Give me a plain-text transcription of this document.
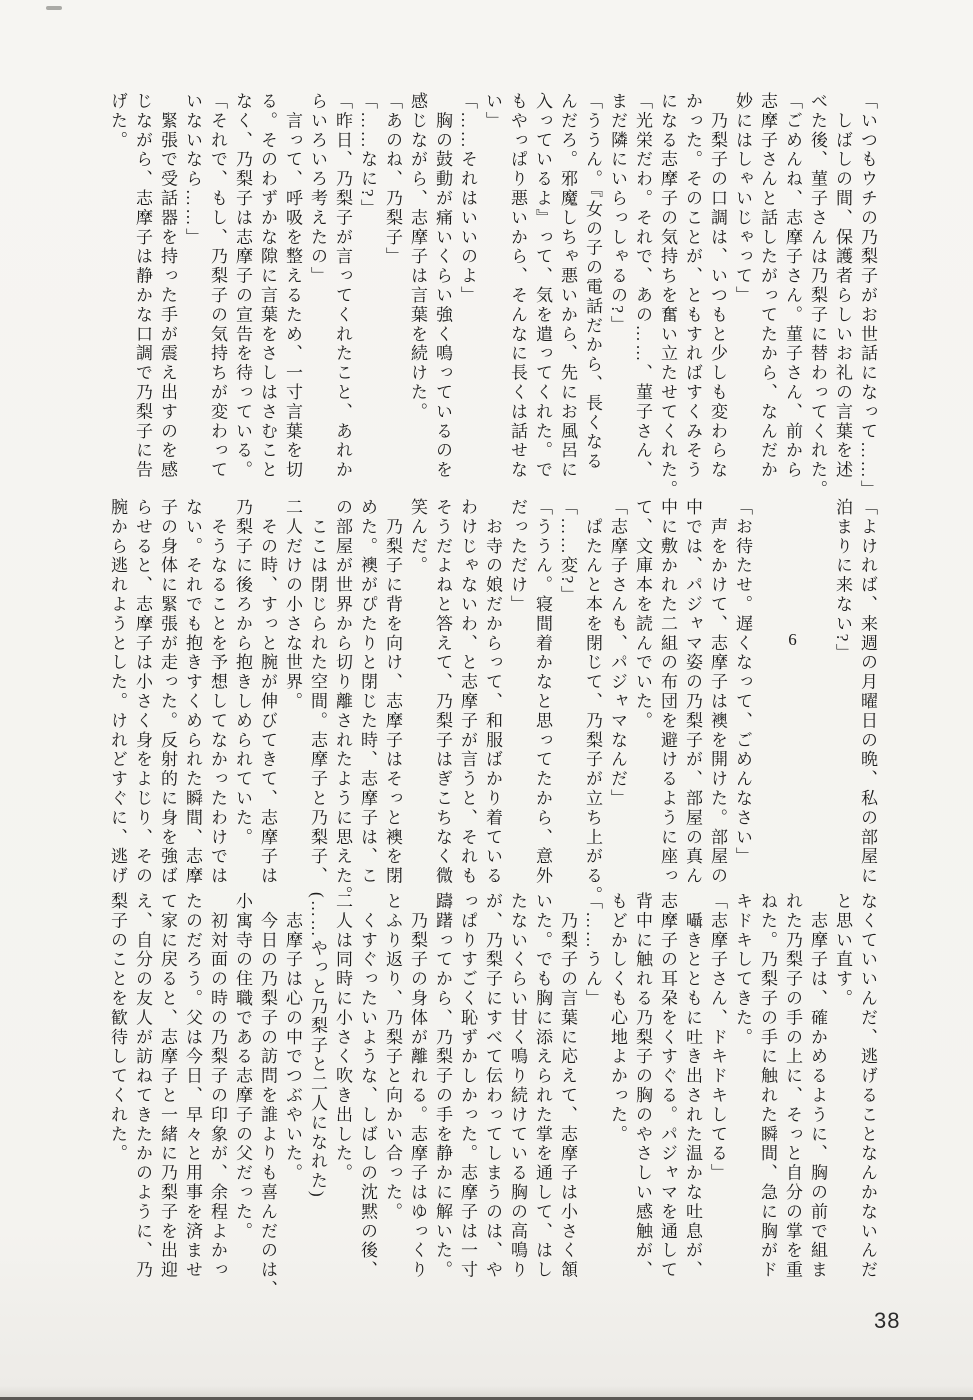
「いつもウチの乃梨子がお世話になって……」
　しばしの間、保護者らしいお礼の言葉を述
べた後、菫子さんは乃梨子に替わってくれた。
「ごめんね、志摩子さん。菫子さん、前から
志摩子さんと話したがってたから、なんだか
妙にはしゃいじゃって」
　乃梨子の口調は、いつもと少しも変わらな
かった。そのことが、ともすればすくみそう
になる志摩子の気持ちを奮い立たせてくれた。
「光栄だわ。それで、あの……、菫子さん、
まだ隣にいらっしゃるの?」
「ううん。『女の子の電話だから、長くなる
んだろ。邪魔しちゃ悪いから、先にお風呂に
入っているよ』って、気を遣ってくれた。で
もやっぱり悪いから、そんなに長くは話せな
い」
「……それはいいのよ」
　胸の鼓動が痛いくらい強く鳴っているのを
感じながら、志摩子は言葉を続けた。
「あのね、乃梨子」
「……なに?」
「昨日、乃梨子が言ってくれたこと、あれか
らいろいろ考えたの」
　言って、呼吸を整えるため、一寸言葉を切
る。そのわずかな隙に言葉をさしはさむこと
なく、乃梨子は志摩子の宣告を待っている。
「それで、もし、乃梨子の気持ちが変わって
いないなら……」
　緊張で受話器を持った手が震え出すのを感
じながら、志摩子は静かな口調で乃梨子に告
げた。
「よければ、来週の月曜日の晩、私の部屋に
泊まりに来ない?」

6

「お待たせ。遅くなって、ごめんなさい」
　声をかけて、志摩子は襖を開けた。部屋の
中では、パジャマ姿の乃梨子が、部屋の真ん
中に敷かれた二組の布団を避けるように座っ
て、文庫本を読んでいた。
「志摩子さんも、パジャマなんだ」
　ぱたんと本を閉じて、乃梨子が立ち上がる。
「……変?」
「ううん。寝間着かなと思ってたから、意外
だっただけ」
　お寺の娘だからって、和服ばかり着ている
わけじゃないわ、と志摩子が言うと、それも
そうだよねと答えて、乃梨子はぎこちなく微
笑んだ。
　乃梨子に背を向け、志摩子はそっと襖を閉
めた。襖がぴたりと閉じた時、志摩子は、こ
の部屋が世界から切り離されたように思えた。
　ここは閉じられた空間。志摩子と乃梨子、
二人だけの小さな世界。
　その時、すっと腕が伸びてきて、志摩子は
乃梨子に後ろから抱きしめられていた。
　そうなることを予想してなかったわけでは
ない。それでも抱きすくめられた瞬間、志摩
子の身体に緊張が走った。反射的に身を強ば
らせると、志摩子は小さく身をよじり、その
腕から逃れようとした。けれどすぐに、逃げ
なくていいんだ、逃げることなんかないんだ
と思い直す。
　志摩子は、確かめるように、胸の前で組ま
れた乃梨子の手の上に、そっと自分の掌を重
ねた。乃梨子の手に触れた瞬間、急に胸がド
キドキしてきた。
「志摩子さん、ドキドキしてる」
　囁きとともに吐き出された温かな吐息が、
志摩子の耳朶をくすぐる。パジャマを通して
背中に触れる乃梨子の胸のやさしい感触が、
もどかしくも心地よかった。
「……うん」
　乃梨子の言葉に応えて、志摩子は小さく頷
いた。でも胸に添えられた掌を通して、はし
たないくらい甘く鳴り続けている胸の高鳴り
が、乃梨子にすべて伝わってしまうのは、や
っぱりすごく恥ずかしかった。志摩子は一寸
躊躇ってから、乃梨子の手を静かに解いた。
　乃梨子の身体が離れる。志摩子はゆっくり
とふり返り、乃梨子と向かい合った。
　くすぐったいような、しばしの沈黙の後、
二人は同時に小さく吹き出した。
(……やっと乃梨子と二人になれた)
　志摩子は心の中でつぶやいた。
　今日の乃梨子の訪問を誰よりも喜んだのは、
小寓寺の住職である志摩子の父だった。
　初対面の時の乃梨子の印象が、余程よかっ
たのだろう。父は今日、早々と用事を済ませ
て家に戻ると、志摩子と一緒に乃梨子を出迎
え、自分の友人が訪ねてきたかのように、乃
梨子のことを歓待してくれた。
38
